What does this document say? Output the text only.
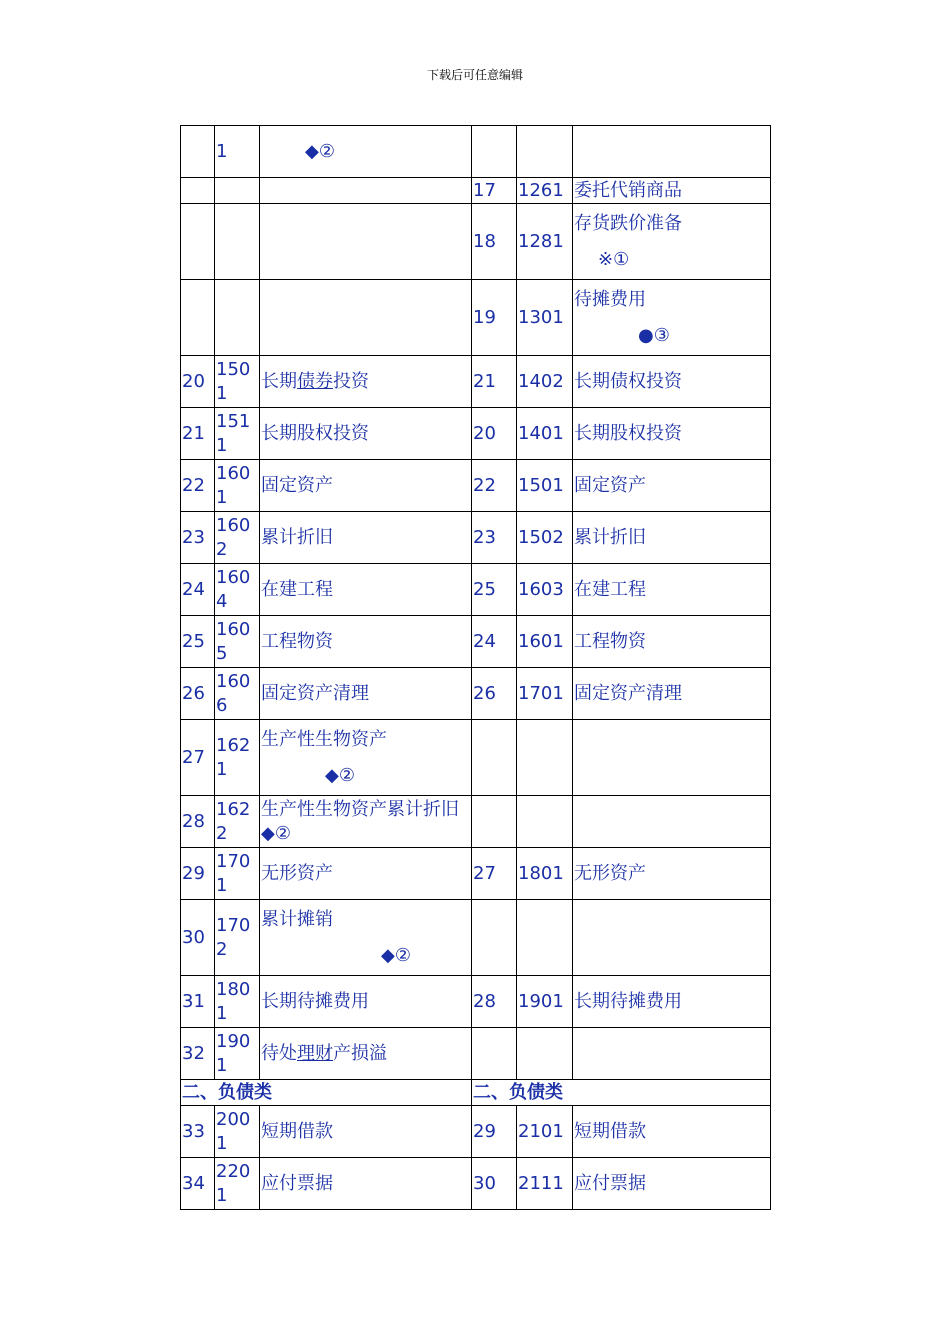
下载后可任意编辑
	1	◆②			

			17	1261	委托代销商品
			18	1281	存货跌价准备
※①

			19	1301	待摊费用
●③

20	1501	长期债券投资	21	1402	长期债权投资
21	1511	长期股权投资	20	1401	长期股权投资
22	1601	固定资产	22	1501	固定资产
23	1602	累计折旧	23	1502	累计折旧
24	1604	在建工程	25	1603	在建工程
25	1605	工程物资	24	1601	工程物资
26	1606	固定资产清理	26	1701	固定资产清理
27	1621	生产性生物资产
◆②			

28	1622	生产性生物资产累计折旧
◆②			

29	1701	无形资产	27	1801	无形资产
30	1702	累计摊销
◆②			

31	1801	长期待摊费用	28	1901	长期待摊费用
32	1901	待处理财产损溢			
二、负债类			二、负债类		
33	2001	短期借款	29	2101	短期借款
34	2201	应付票据	30	2111	应付票据
